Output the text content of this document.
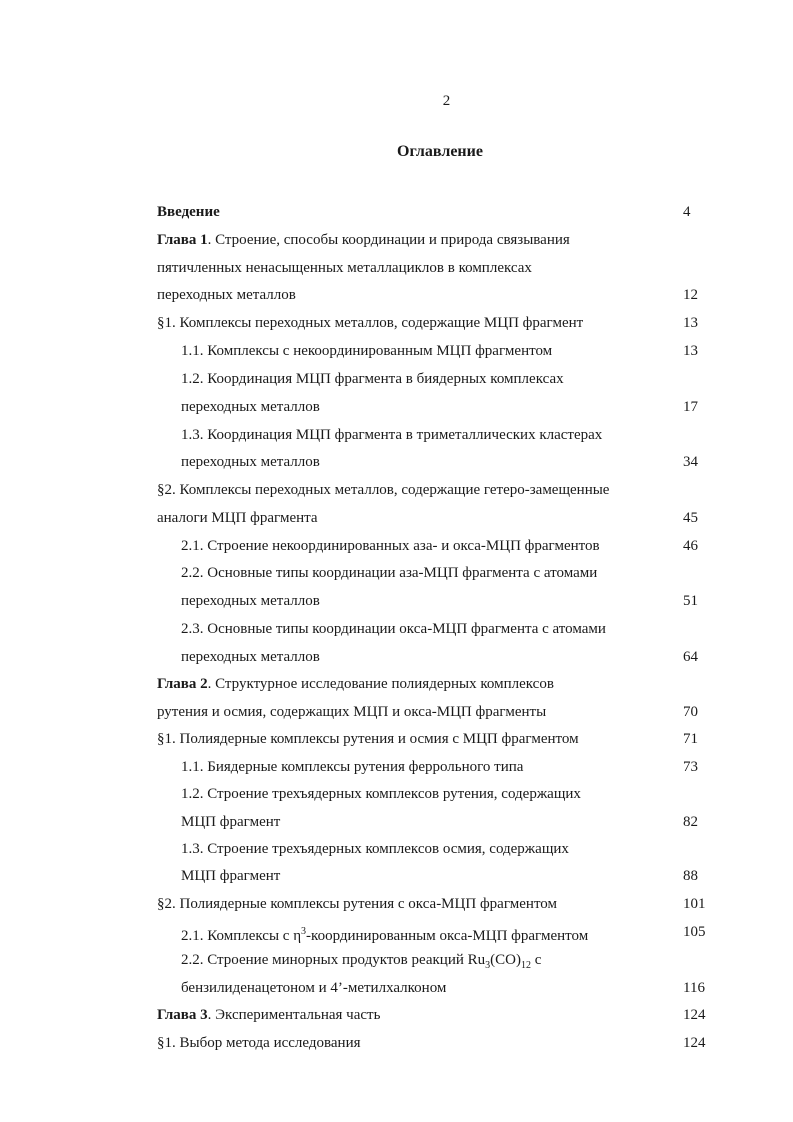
2
Оглавление
Введение	4
Глава 1. Строение, способы координации и природа связывания
пятичленных ненасыщенных металлациклов в комплексах
переходных металлов	12
§1. Комплексы переходных металлов, содержащие МЦП фрагмент	13
1.1. Комплексы с некоординированным МЦП фрагментом	13
1.2. Координация МЦП фрагмента в биядерных комплексах
переходных металлов	17
1.3. Координация МЦП фрагмента в триметаллических кластерах
переходных металлов	34
§2. Комплексы переходных металлов, содержащие гетеро-замещенные
аналоги МЦП фрагмента	45
2.1. Строение некоординированных аза- и окса-МЦП фрагментов	46
2.2. Основные типы координации аза-МЦП фрагмента с атомами
переходных металлов	51
2.3. Основные типы координации окса-МЦП фрагмента с атомами
переходных металлов	64
Глава 2. Структурное исследование полиядерных комплексов
рутения и осмия, содержащих МЦП и окса-МЦП фрагменты	70
§1. Полиядерные комплексы рутения и осмия с МЦП фрагментом	71
1.1. Биядерные комплексы рутения феррольного типа	73
1.2. Строение трехъядерных комплексов рутения, содержащих
МЦП фрагмент	82
1.3. Строение трехъядерных комплексов осмия, содержащих
МЦП фрагмент	88
§2. Полиядерные комплексы рутения с окса-МЦП фрагментом	101
2.1. Комплексы с $\eta^3$-координированным окса-МЦП фрагментом	105
2.2. Строение минорных продуктов реакций $Ru_3(CO)_{12}$ с
бензилиденацетоном и 4’-метилхалконом	116
Глава 3. Экспериментальная часть	124
§1. Выбор метода исследования	124
